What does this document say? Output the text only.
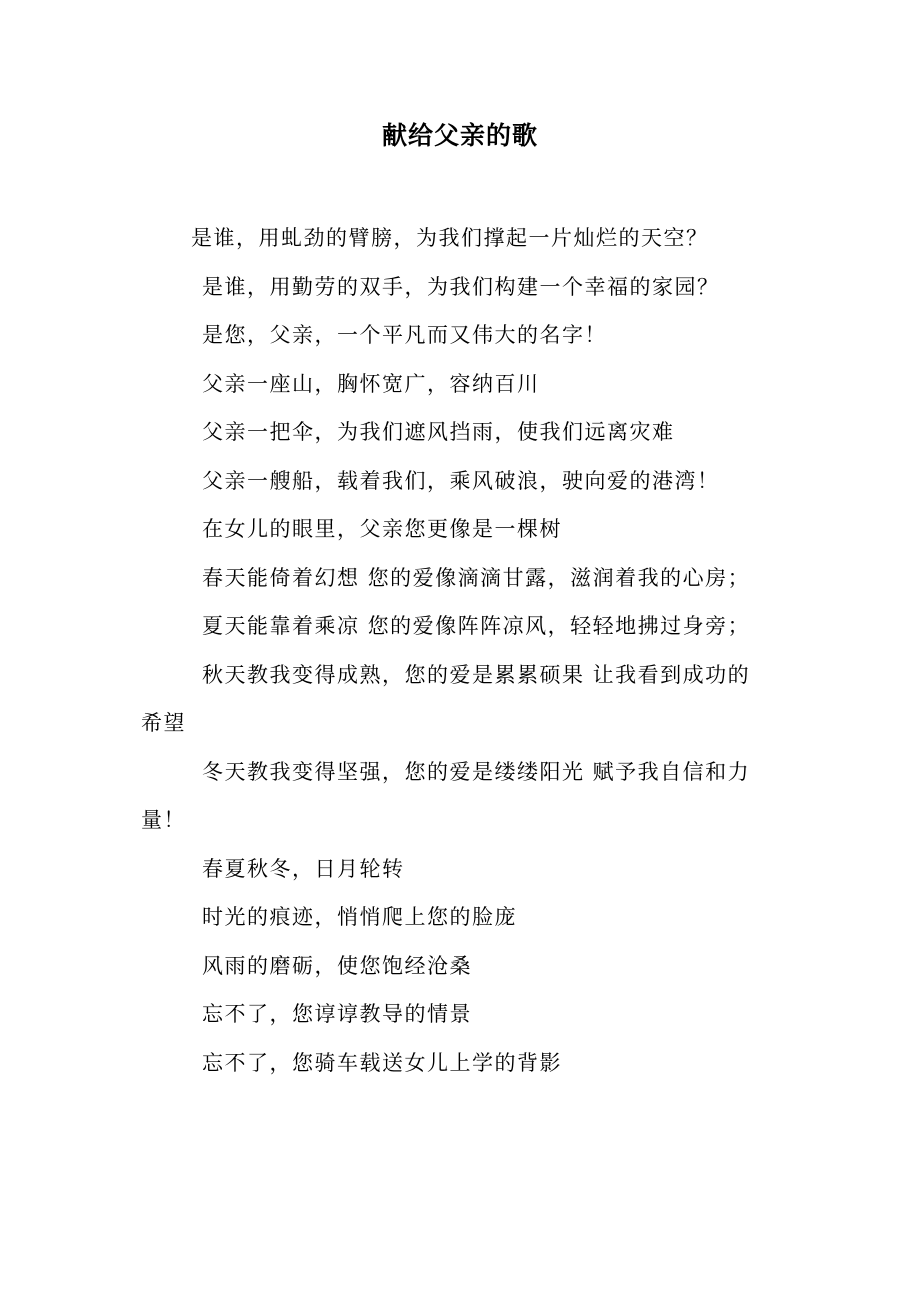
献给父亲的歌
是谁，用虬劲的臂膀，为我们撑起一片灿烂的天空？
是谁，用勤劳的双手，为我们构建一个幸福的家园？
是您，父亲，一个平凡而又伟大的名字！
父亲一座山，胸怀宽广，容纳百川
父亲一把伞，为我们遮风挡雨，使我们远离灾难
父亲一艘船，载着我们，乘风破浪，驶向爱的港湾！
在女儿的眼里，父亲您更像是一棵树
春天能倚着幻想 您的爱像滴滴甘露，滋润着我的心房；
夏天能靠着乘凉 您的爱像阵阵凉风，轻轻地拂过身旁；
秋天教我变得成熟，您的爱是累累硕果 让我看到成功的希望
冬天教我变得坚强，您的爱是缕缕阳光 赋予我自信和力量！
春夏秋冬，日月轮转
时光的痕迹，悄悄爬上您的脸庞
风雨的磨砺，使您饱经沧桑
忘不了，您谆谆教导的情景
忘不了，您骑车载送女儿上学的背影
